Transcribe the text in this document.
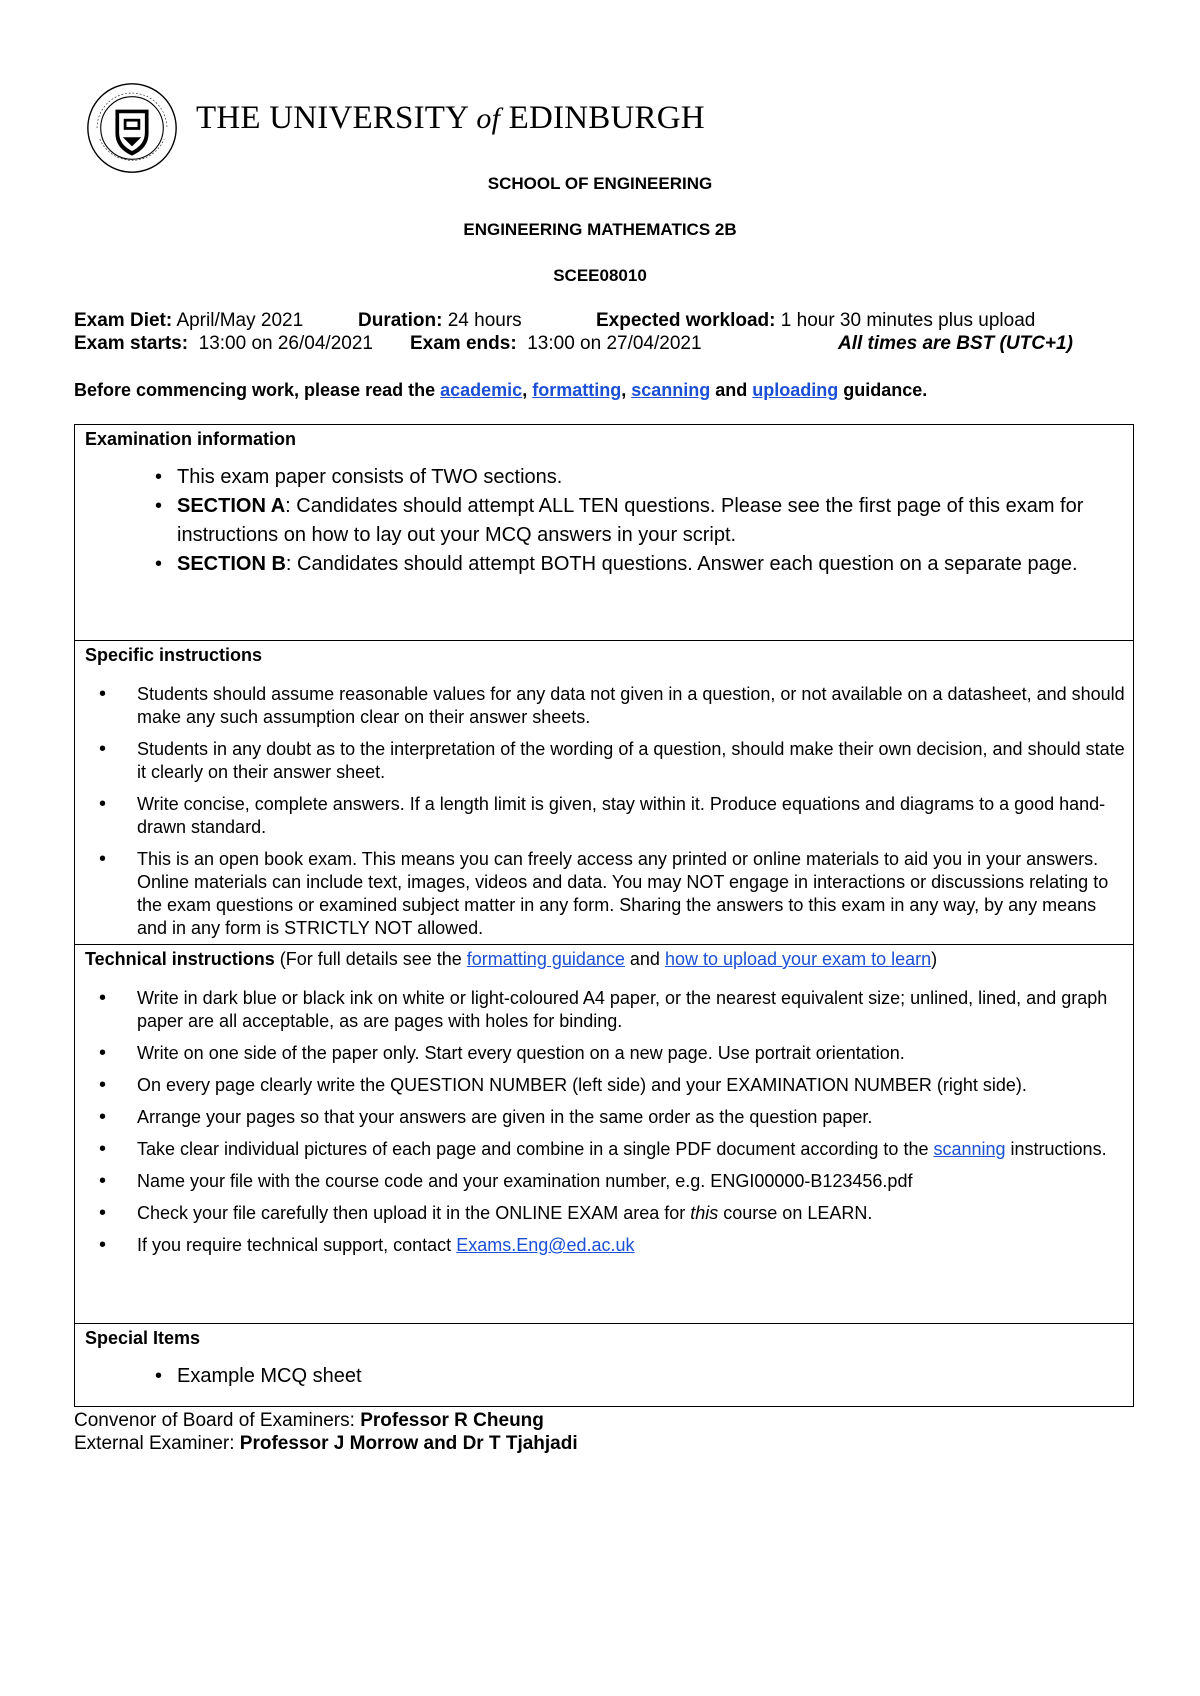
THE UNIVERSITY of EDINBURGH
SCHOOL OF ENGINEERING
ENGINEERING MATHEMATICS 2B
SCEE08010
Exam Diet: April/May 2021	Duration: 24 hours	Expected workload: 1 hour 30 minutes plus upload
Exam starts: 13:00 on 26/04/2021 Exam ends: 13:00 on 27/04/2021	All times are BST (UTC+1)
Before commencing work, please read the academic, formatting, scanning and uploading guidance.
Examination information
• This exam paper consists of TWO sections.
• SECTION A: Candidates should attempt ALL TEN questions. Please see the first page of this exam for instructions on how to lay out your MCQ answers in your script.
• SECTION B: Candidates should attempt BOTH questions. Answer each question on a separate page.
Specific instructions
• Students should assume reasonable values for any data not given in a question, or not available on a datasheet, and should make any such assumption clear on their answer sheets.
• Students in any doubt as to the interpretation of the wording of a question, should make their own decision, and should state it clearly on their answer sheet.
• Write concise, complete answers. If a length limit is given, stay within it. Produce equations and diagrams to a good hand-drawn standard.
• This is an open book exam. This means you can freely access any printed or online materials to aid you in your answers. Online materials can include text, images, videos and data. You may NOT engage in interactions or discussions relating to the exam questions or examined subject matter in any form. Sharing the answers to this exam in any way, by any means and in any form is STRICTLY NOT allowed.
Technical instructions (For full details see the formatting guidance and how to upload your exam to learn)
• Write in dark blue or black ink on white or light-coloured A4 paper, or the nearest equivalent size; unlined, lined, and graph paper are all acceptable, as are pages with holes for binding.
• Write on one side of the paper only. Start every question on a new page. Use portrait orientation.
• On every page clearly write the QUESTION NUMBER (left side) and your EXAMINATION NUMBER (right side).
• Arrange your pages so that your answers are given in the same order as the question paper.
• Take clear individual pictures of each page and combine in a single PDF document according to the scanning instructions.
• Name your file with the course code and your examination number, e.g. ENGI00000-B123456.pdf
• Check your file carefully then upload it in the ONLINE EXAM area for this course on LEARN.
• If you require technical support, contact Exams.Eng@ed.ac.uk
Special Items
• Example MCQ sheet
Convenor of Board of Examiners: Professor R Cheung
External Examiner: Professor J Morrow and Dr T Tjahjadi
